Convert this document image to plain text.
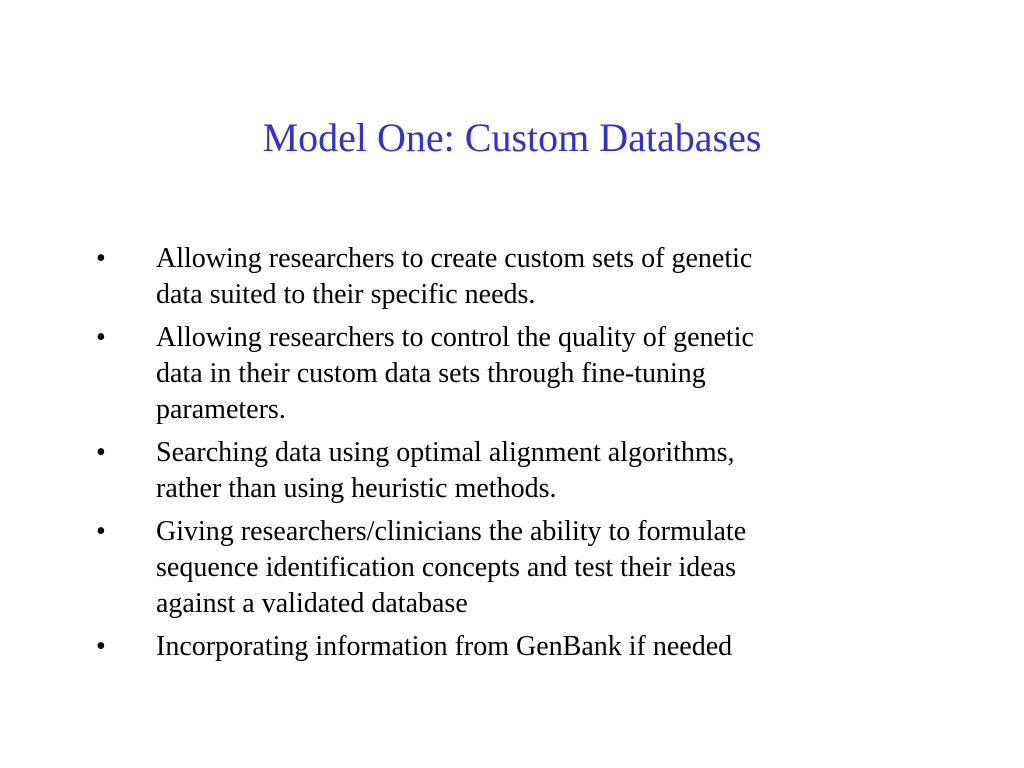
Model One: Custom Databases
•	Allowing researchers to create custom sets of genetic
data suited to their specific needs.
•	Allowing researchers to control the quality of genetic
data in their custom data sets through fine-tuning
parameters.
•	Searching data using optimal alignment algorithms,
rather than using heuristic methods.
•	Giving researchers/clinicians the ability to formulate
sequence identification concepts and test their ideas
against a validated database
•	Incorporating information from GenBank if needed
